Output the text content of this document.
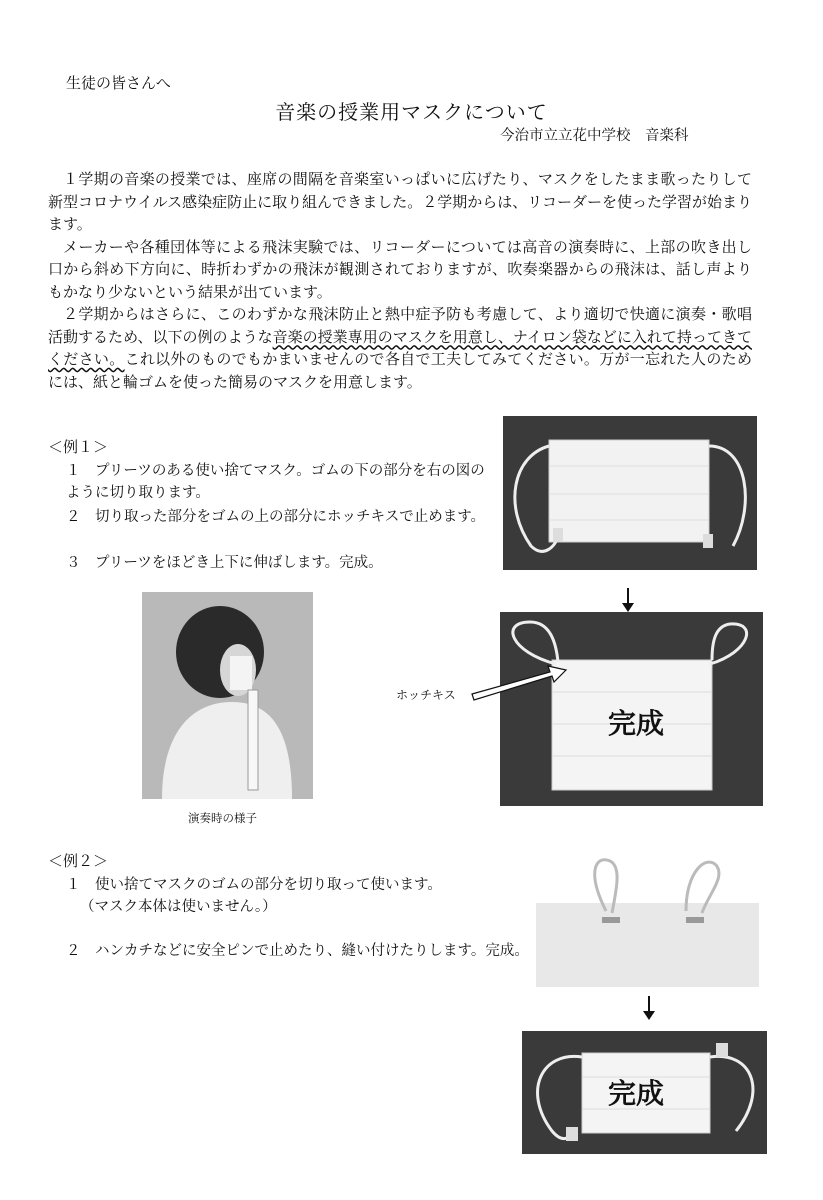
生徒の皆さんへ
音楽の授業用マスクについて
今治市立立花中学校　音楽科

１学期の音楽の授業では、座席の間隔を音楽室いっぱいに広げたり、マスクをしたまま歌ったりして新型コロナウイルス感染症防止に取り組んできました。２学期からは、リコーダーを使った学習が始まります。

メーカーや各種団体等による飛沫実験では、リコーダーについては高音の演奏時に、上部の吹き出し口から斜め下方向に、時折わずかの飛沫が観測されておりますが、吹奏楽器からの飛沫は、話し声よりもかなり少ないという結果が出ています。

２学期からはさらに、このわずかな飛沫防止と熱中症予防も考慮して、より適切で快適に演奏・歌唱活動するため、以下の例のような音楽の授業専用のマスクを用意し、ナイロン袋などに入れて持ってきてください。これ以外のものでもかまいませんので各自で工夫してみてください。万が一忘れた人のためには、紙と輪ゴムを使った簡易のマスクを用意します。

＜例１＞
１　 プリーツのある使い捨てマスク。ゴムの下の部分を右の図のように切り取ります。
２　 切り取った部分をゴムの上の部分にホッチキスで止めます。
３　 プリーツをほどき上下に伸ばします。完成。
完成
ホッチキス
演奏時の様子
＜例２＞
１　 使い捨てマスクのゴムの部分を切り取って使います。
（マスク本体は使いません。）
２　 ハンカチなどに安全ピンで止めたり、縫い付けたりします。完成。
完成
